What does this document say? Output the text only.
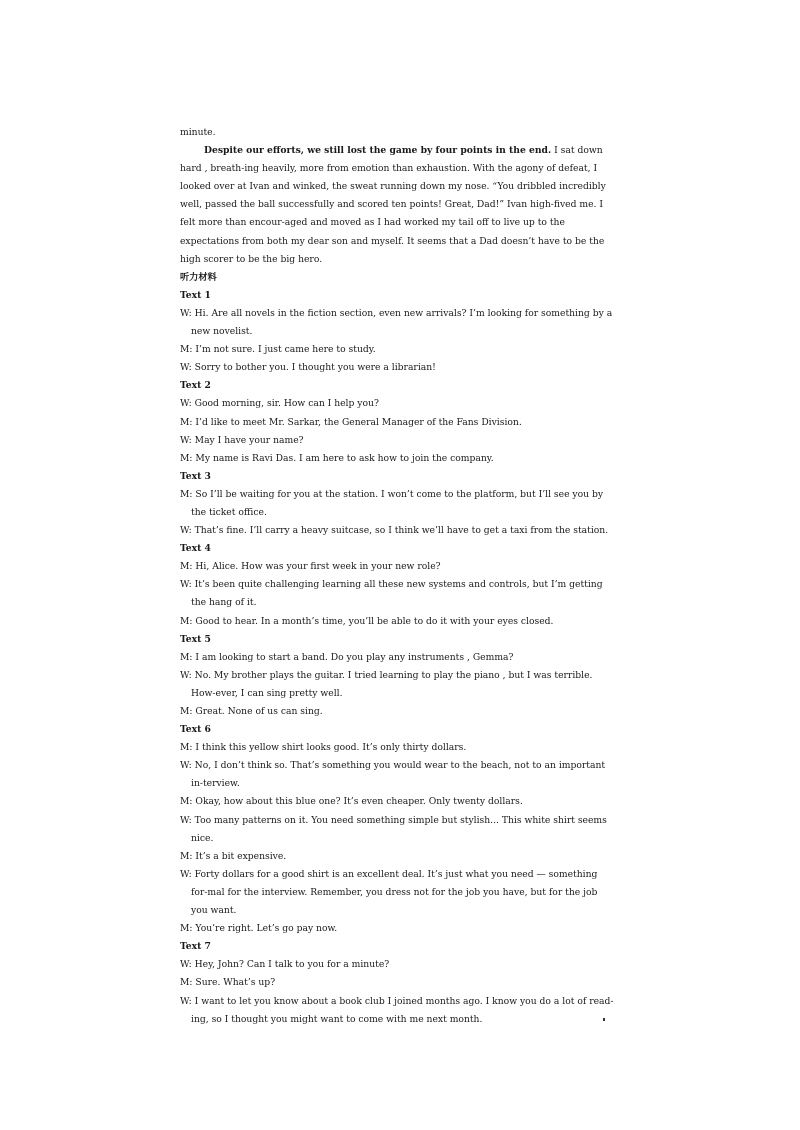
minute.

Despite our efforts, we still lost the game by four points in the end. I sat down hard , breath-ing heavily, more from emotion than exhaustion. With the agony of defeat, I looked over at Ivan and winked, the sweat running down my nose. “You dribbled incredibly well, passed the ball successfully and scored ten points! Great, Dad!” Ivan high-fived me. I felt more than encour-aged and moved as I had worked my tail off to live up to the expectations from both my dear son and myself. It seems that a Dad doesn’t have to be the high scorer to be the big hero.

听力材料

Text 1

W: Hi. Are all novels in the fiction section, even new arrivals? I’m looking for something by a new novelist.

M: I’m not sure. I just came here to study.

W: Sorry to bother you. I thought you were a librarian!

Text 2

W: Good morning, sir. How can I help you?

M: I’d like to meet Mr. Sarkar, the General Manager of the Fans Division.

W: May I have your name?

M: My name is Ravi Das. I am here to ask how to join the company.

Text 3

M: So I’ll be waiting for you at the station. I won’t come to the platform, but I’ll see you by the ticket office.

W: That’s fine. I’ll carry a heavy suitcase, so I think we’ll have to get a taxi from the station.

Text 4

M: Hi, Alice. How was your first week in your new role?

W: It’s been quite challenging learning all these new systems and controls, but I’m getting the hang of it.

M: Good to hear. In a month’s time, you’ll be able to do it with your eyes closed.

Text 5

M: I am looking to start a band. Do you play any instruments , Gemma?

W: No. My brother plays the guitar. I tried learning to play the piano , but I was terrible. How-ever, I can sing pretty well.

M: Great. None of us can sing.

Text 6

M: I think this yellow shirt looks good. It’s only thirty dollars.

W: No, I don’t think so. That’s something you would wear to the beach, not to an important in-terview.

M: Okay, how about this blue one? It’s even cheaper. Only twenty dollars.

W: Too many patterns on it. You need something simple but stylish... This white shirt seems nice.

M: It’s a bit expensive.

W: Forty dollars for a good shirt is an excellent deal. It’s just what you need — something for-mal for the interview. Remember, you dress not for the job you have, but for the job you want.

M: You’re right. Let’s go pay now.

Text 7

W: Hey, John? Can I talk to you for a minute?

M: Sure. What’s up?

W: I want to let you know about a book club I joined months ago. I know you do a lot of read-ing, so I thought you might want to come with me next month.
